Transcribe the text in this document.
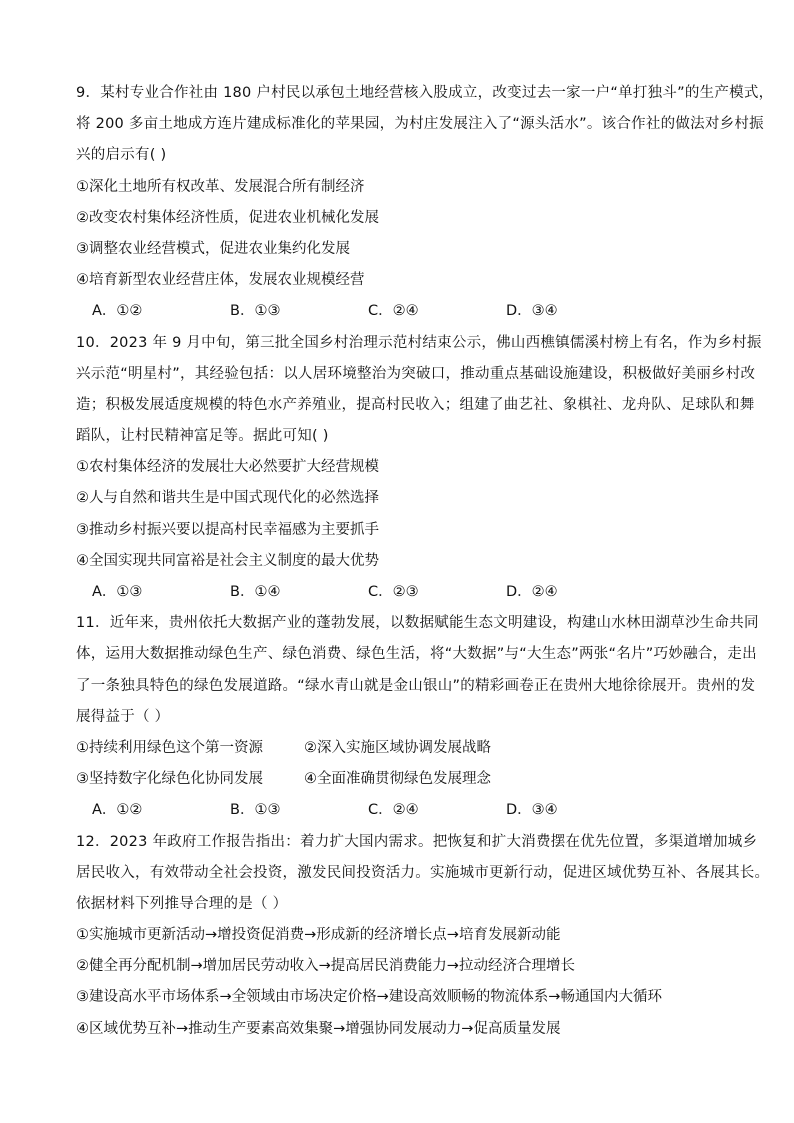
9．某村专业合作社由 180 户村民以承包土地经营核入股成立，改变过去一家一户“单打独斗”的生产模式，
将 200 多亩土地成方连片建成标准化的苹果园，为村庄发展注入了“源头活水”。该合作社的做法对乡村振
兴的启示有( )
①深化土地所有权改革、发展混合所有制经济
②改变农村集体经济性质，促进农业机械化发展
③调整农业经营模式，促进农业集约化发展
④培育新型农业经营庄体，发展农业规模经营
A．①②	B．①③	C．②④	D．③④
10．2023 年 9 月中旬，第三批全国乡村治理示范村结束公示，佛山西樵镇儒溪村榜上有名，作为乡村振
兴示范“明星村”，其经验包括：以人居环境整治为突破口，推动重点基础设施建设，积极做好美丽乡村改
造；积极发展适度规模的特色水产养殖业，提高村民收入；组建了曲艺社、象棋社、龙舟队、足球队和舞
蹈队，让村民精神富足等。据此可知( )
①农村集体经济的发展壮大必然要扩大经营规模
②人与自然和谐共生是中国式现代化的必然选择
③推动乡村振兴要以提高村民幸福感为主要抓手
④全国实现共同富裕是社会主义制度的最大优势
A．①③	B．①④	C．②③	D．②④
11．近年来，贵州依托大数据产业的蓬勃发展，以数据赋能生态文明建设，构建山水林田湖草沙生命共同
体，运用大数据推动绿色生产、绿色消费、绿色生活，将“大数据”与“大生态”两张“名片”巧妙融合，走出
了一条独具特色的绿色发展道路。“绿水青山就是金山银山”的精彩画卷正在贵州大地徐徐展开。贵州的发
展得益于（ ）
①持续利用绿色这个第一资源	②深入实施区域协调发展战略
③坚持数字化绿色化协同发展	④全面准确贯彻绿色发展理念
A．①②	B．①③	C．②④	D．③④
12．2023 年政府工作报告指出：着力扩大国内需求。把恢复和扩大消费摆在优先位置，多渠道增加城乡
居民收入，有效带动全社会投资，激发民间投资活力。实施城市更新行动，促进区域优势互补、各展其长。
依据材料下列推导合理的是（ ）
①实施城市更新活动→增投资促消费→形成新的经济增长点→培育发展新动能
②健全再分配机制→增加居民劳动收入→提高居民消费能力→拉动经济合理增长
③建设高水平市场体系→全领域由市场决定价格→建设高效顺畅的物流体系→畅通国内大循环
④区域优势互补→推动生产要素高效集聚→增强协同发展动力→促高质量发展
